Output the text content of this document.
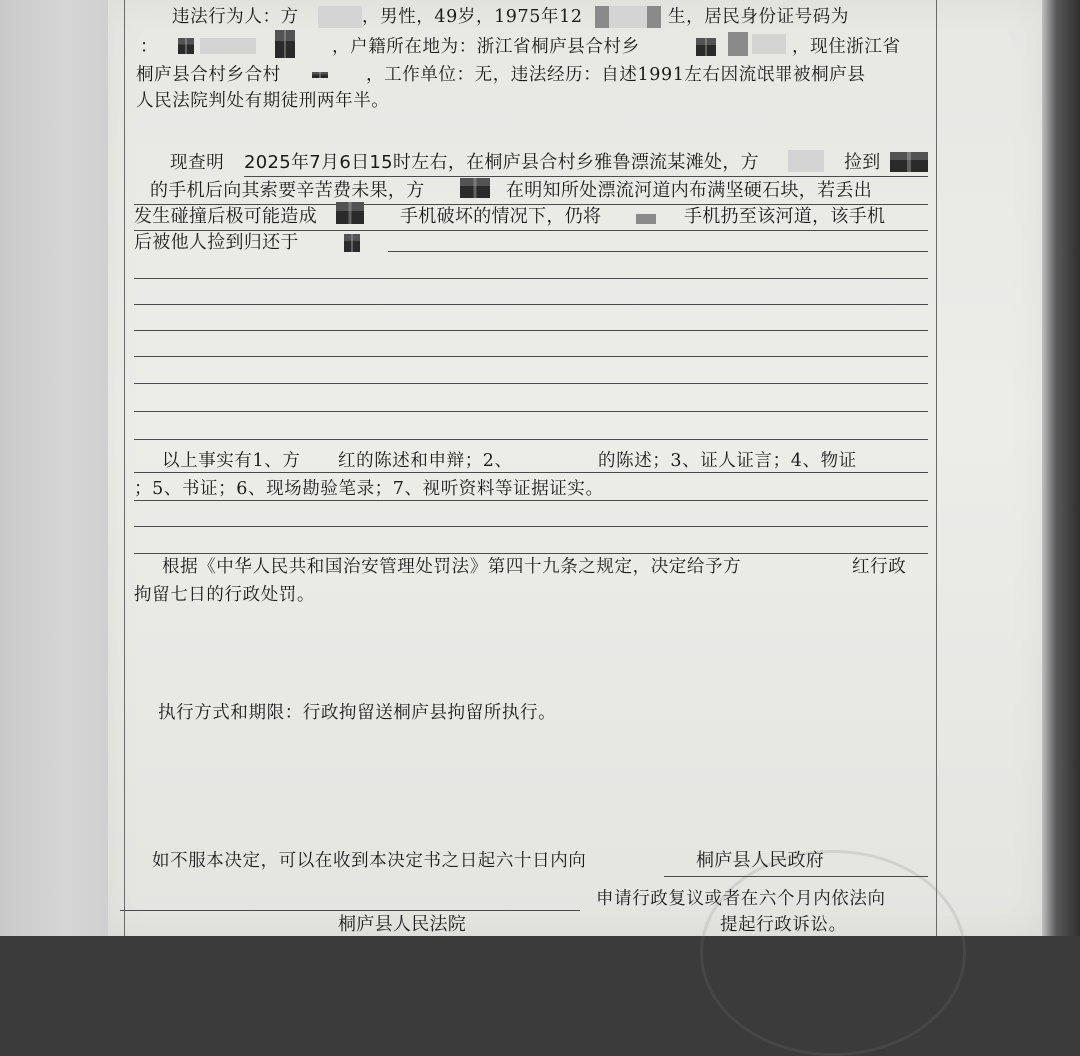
违法行为人：方	，男性，49岁，1975年12	生，居民身份证号码为
：	，户籍所在地为：浙江省桐庐县合村乡	，现住浙江省
桐庐县合村乡合村	，工作单位：无，违法经历：自述1991左右因流氓罪被桐庐县
人民法院判处有期徒刑两年半。
现查明 2025年7月6日15时左右，在桐庐县合村乡雅鲁漂流某滩处，方	捡到
的手机后向其索要辛苦费未果，方	在明知所处漂流河道内布满坚硬石块，若丢出
发生碰撞后极可能造成	手机破坏的情况下，仍将	手机扔至该河道，该手机
后被他人捡到归还于
以上事实有1、方 红的陈述和申辩；2、	的陈述；3、证人证言；4、物证
；5、书证；6、现场勘验笔录；7、视听资料等证据证实。
根据《中华人民共和国治安管理处罚法》第四十九条之规定，决定给予方	红行政
拘留七日的行政处罚。
执行方式和期限：行政拘留送桐庐县拘留所执行。
如不服本决定，可以在收到本决定书之日起六十日内向	桐庐县人民政府
申请行政复议或者在六个月内依法向
桐庐县人民法院	提起行政诉讼。
